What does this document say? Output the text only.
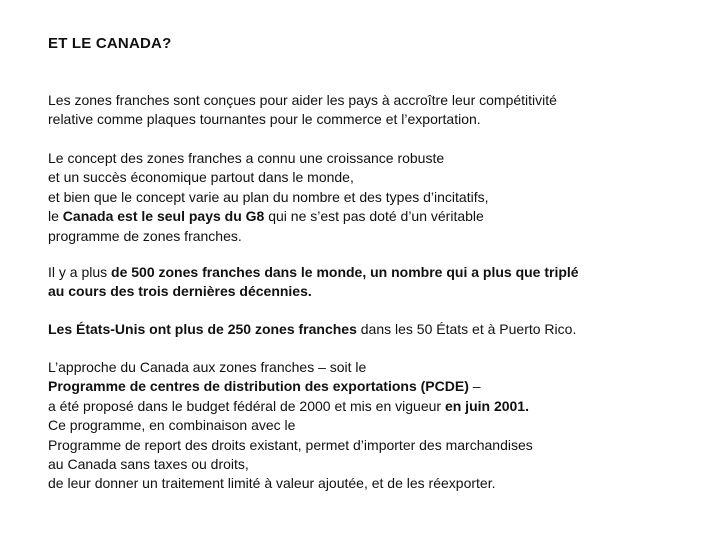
ET LE CANADA?

Les zones franches sont conçues pour aider les pays à accroître leur compétitivité
relative comme plaques tournantes pour le commerce et l’exportation.

Le concept des zones franches a connu une croissance robuste
et un succès économique partout dans le monde,
et bien que le concept varie au plan du nombre et des types d’incitatifs,
le Canada est le seul pays du G8 qui ne s’est pas doté d’un véritable
programme de zones franches.

Il y a plus de 500 zones franches dans le monde, un nombre qui a plus que triplé
au cours des trois dernières décennies.

Les États-Unis ont plus de 250 zones franches dans les 50 États et à Puerto Rico.

L’approche du Canada aux zones franches – soit le
Programme de centres de distribution des exportations (PCDE) –
a été proposé dans le budget fédéral de 2000 et mis en vigueur en juin 2001.
Ce programme, en combinaison avec le
Programme de report des droits existant, permet d’importer des marchandises
au Canada sans taxes ou droits,
de leur donner un traitement limité à valeur ajoutée, et de les réexporter.
